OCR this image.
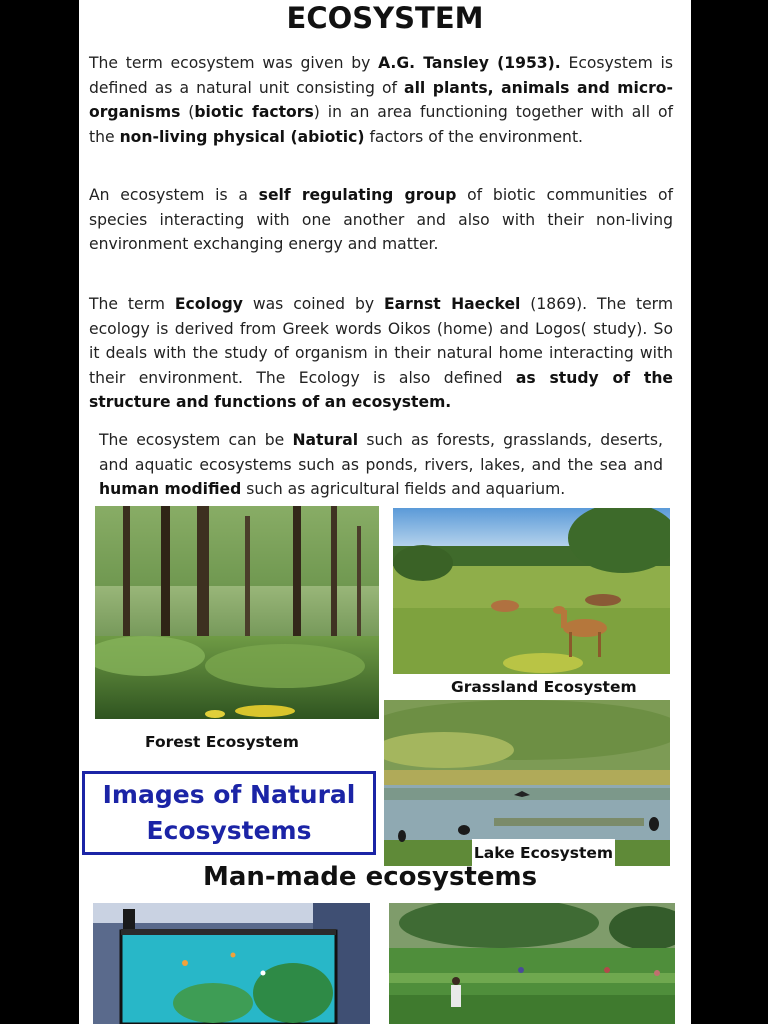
ECOSYSTEM

The term ecosystem was given by A.G. Tansley (1953). Ecosystem is defined as a natural unit consisting of all plants, animals and micro-organisms (biotic factors) in an area functioning together with all of the non-living physical (abiotic) factors of the environment.

An ecosystem is a self regulating group of biotic communities of species interacting with one another and also with their non-living environment exchanging energy and matter.

The term Ecology was coined by Earnst Haeckel (1869). The term ecology is derived from Greek words Oikos (home) and Logos( study). So it deals with the study of organism in their natural home interacting with their environment. The Ecology is also defined as study of the structure and functions of an ecosystem.

The ecosystem can be Natural such as forests, grasslands, deserts, and aquatic ecosystems such as ponds, rivers, lakes, and the sea and human modified such as agricultural fields and aquarium.

Forest Ecosystem
Grassland Ecosystem
Images of Natural
Ecosystems
Lake Ecosystem
Man-made ecosystems
